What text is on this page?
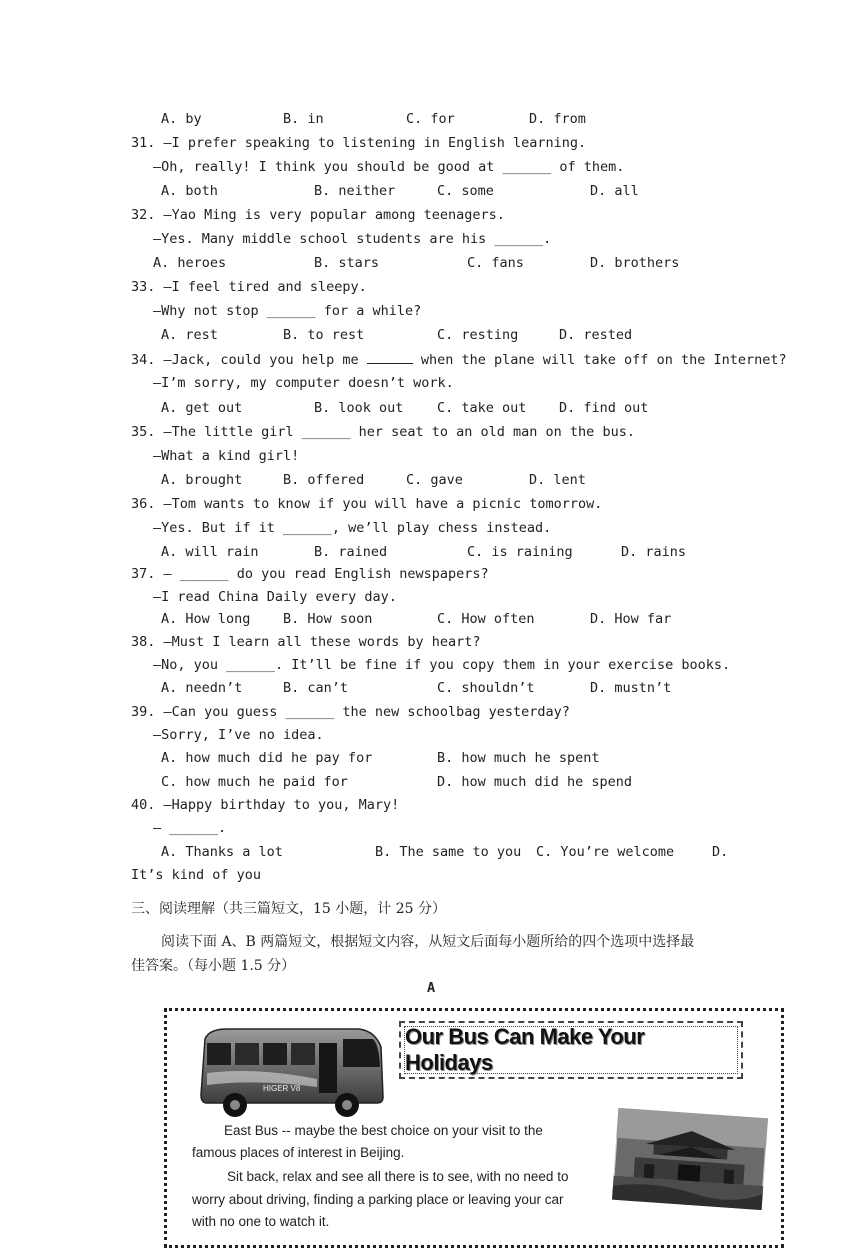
A. by	B. in	C. for	D. from
31. —I prefer speaking to listening in English learning.
—Oh, really! I think you should be good at ______ of them.
A. both	B. neither	C. some	D. all
32. —Yao Ming is very popular among teenagers.
—Yes. Many middle school students are his ______.
A. heroes	B. stars	C. fans	D. brothers
33. —I feel tired and sleepy.
—Why not stop ______ for a while?
A. rest	B. to rest	C. resting	D. rested
34. —Jack, could you help me	when the plane will take off on the Internet?
—I’m sorry, my computer doesn’t work.
A. get out	B. look out C. take out D. find out
35. —The little girl ______ her seat to an old man on the bus.
—What a kind girl!
A. brought	B. offered	C. gave	D. lent
36. —Tom wants to know if you will have a picnic tomorrow.
—Yes. But if it ______, we’ll play chess instead.
A. will rain	B. rained	C. is raining	D. rains
37. — ______ do you read English newspapers?
—I read China Daily every day.
A. How long B. How soon	C. How often	D. How far
38. —Must I learn all these words by heart?
—No, you ______. It’ll be fine if you copy them in your exercise books.
A. needn’t	B. can’t	C. shouldn’t	D. mustn’t
39. —Can you guess ______ the new schoolbag yesterday?
—Sorry, I’ve no idea.
A. how much did he pay for	B. how much he spent
C. how much he paid for	D. how much did he spend
40. —Happy birthday to you, Mary!
— ______.
A. Thanks a lot	B. The same to you C. You’re welcome	D.
It’s kind of you
三、阅读理解（共三篇短文，15 小题，计 25 分）
阅读下面 A、B 两篇短文，根据短文内容，从短文后面每小题所给的四个选项中选择最
佳答案。（每小题 1.5 分）
A
HIGER V8
Our Bus Can Make Your Holidays
East Bus -- maybe the best choice on your visit to the
famous places of interest in Beijing.
Sit back, relax and see all there is to see, with no need to
worry about driving, finding a parking place or leaving your car
with no one to watch it.
